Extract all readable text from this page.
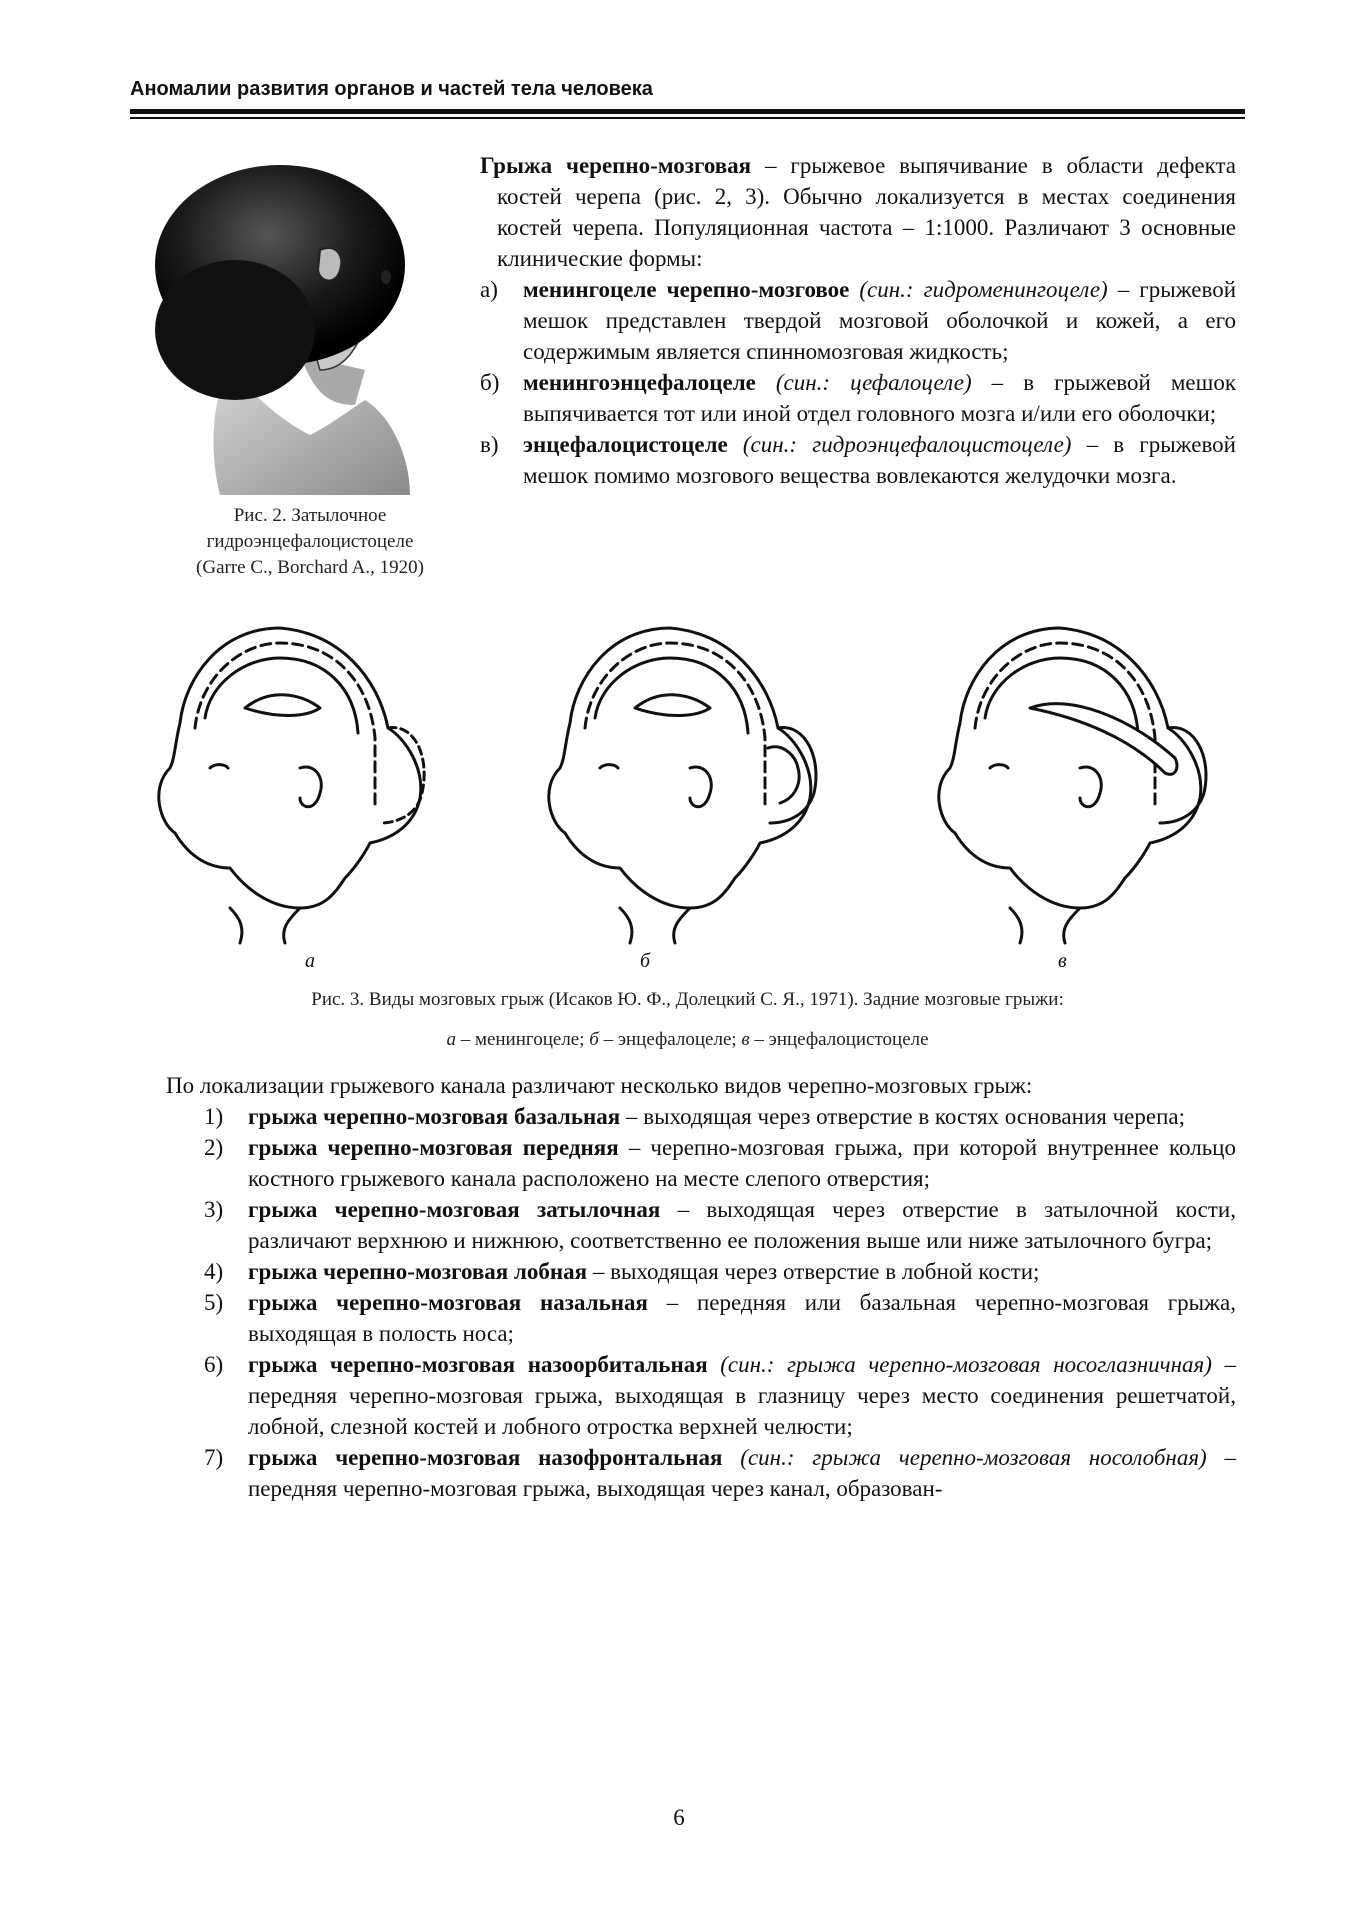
Аномалии развития органов и частей тела человека
Рис. 2. Затылочное
гидроэнцефалоцистоцеле
(Garre C., Borchard A., 1920)

Грыжа черепно-мозговая – грыжевое выпячивание в области дефекта костей черепа (рис. 2, 3). Обычно локализуется в местах соединения костей черепа. Популяционная частота – 1:1000. Различают 3 основные клинические формы:

а) менингоцеле черепно-мозговое (син.: гидроменингоцеле) – грыжевой мешок представлен твердой мозговой оболочкой и кожей, а его содержимым является спинномозговая жидкость;
б) менингоэнцефалоцеле (син.: цефалоцеле) – в грыжевой мешок выпячивается тот или иной отдел головного мозга и/или его оболочки;
в) энцефалоцистоцеле (син.: гидроэнцефалоцистоцеле) – в грыжевой мешок помимо мозгового вещества вовлекаются желудочки мозга.
а	б	в
Рис. 3. Виды мозговых грыж (Исаков Ю. Ф., Долецкий С. Я., 1971). Задние мозговые грыжи:
а – менингоцеле; б – энцефалоцеле; в – энцефалоцистоцеле

По локализации грыжевого канала различают несколько видов черепно-мозговых грыж:

1) грыжа черепно-мозговая базальная – выходящая через отверстие в костях основания черепа;
2) грыжа черепно-мозговая передняя – черепно-мозговая грыжа, при которой внутреннее кольцо костного грыжевого канала расположено на месте слепого отверстия;
3) грыжа черепно-мозговая затылочная – выходящая через отверстие в затылочной кости, различают верхнюю и нижнюю, соответственно ее положения выше или ниже затылочного бугра;
4) грыжа черепно-мозговая лобная – выходящая через отверстие в лобной кости;
5) грыжа черепно-мозговая назальная – передняя или базальная черепно-мозговая грыжа, выходящая в полость носа;
6) грыжа черепно-мозговая назоорбитальная (син.: грыжа черепно-мозговая носоглазничная) – передняя черепно-мозговая грыжа, выходящая в глазницу через место соединения решетчатой, лобной, слезной костей и лобного отростка верхней челюсти;
7) грыжа черепно-мозговая назофронтальная (син.: грыжа черепно-мозговая носолобная) – передняя черепно-мозговая грыжа, выходящая через канал, образован-
6
